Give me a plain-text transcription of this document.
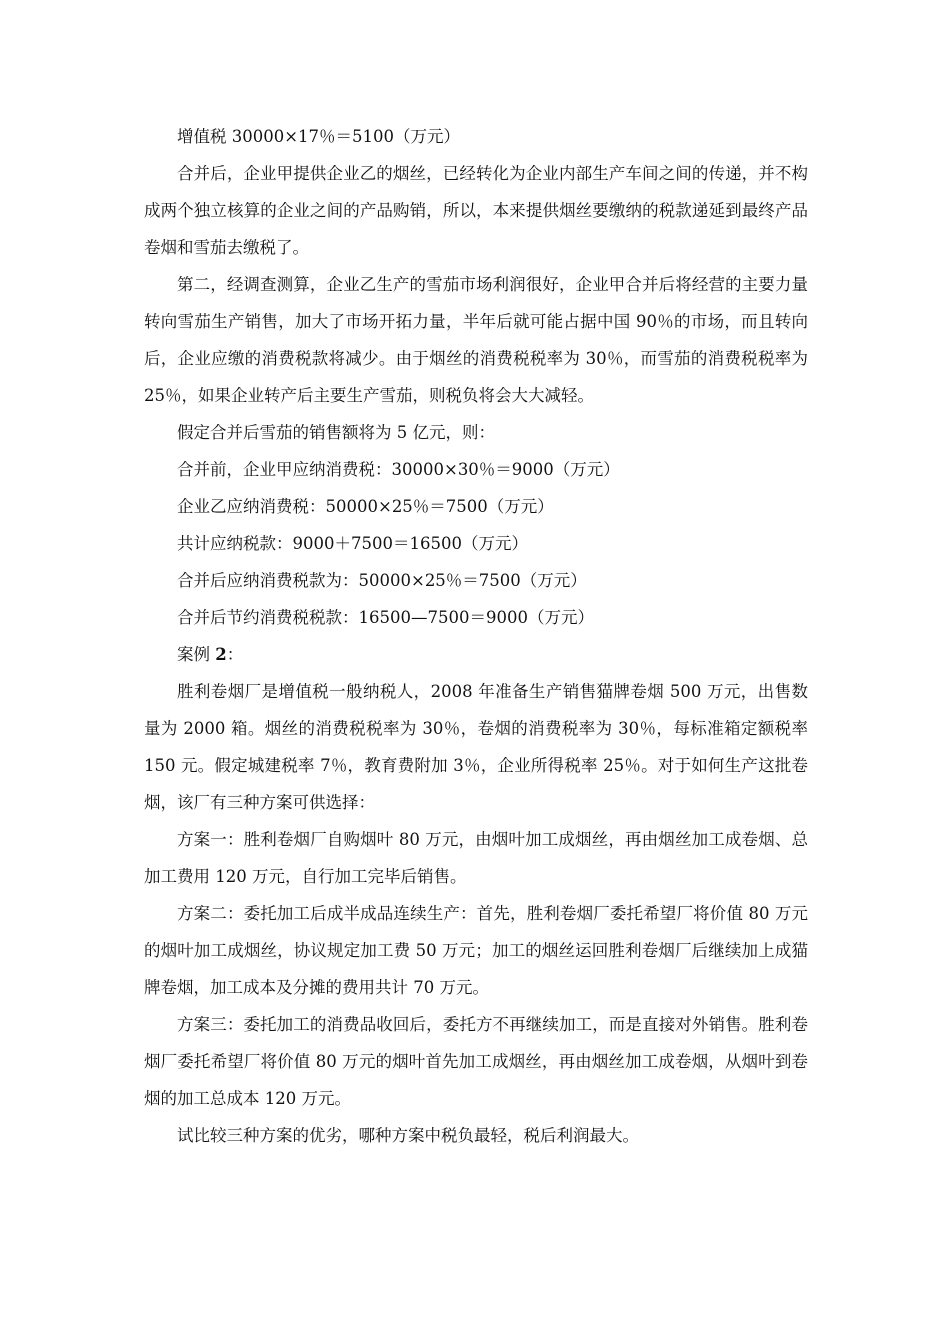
增值税 30000×17％＝5100（万元）

合并后，企业甲提供企业乙的烟丝，已经转化为企业内部生产车间之间的传递，并不构成两个独立核算的企业之间的产品购销，所以，本来提供烟丝要缴纳的税款递延到最终产品卷烟和雪茄去缴税了。

第二，经调查测算，企业乙生产的雪茄市场利润很好，企业甲合并后将经营的主要力量转向雪茄生产销售，加大了市场开拓力量，半年后就可能占据中国 90％的市场，而且转向后，企业应缴的消费税款将减少。由于烟丝的消费税税率为 30％，而雪茄的消费税税率为25％，如果企业转产后主要生产雪茄，则税负将会大大减轻。

假定合并后雪茄的销售额将为 5 亿元，则：

合并前，企业甲应纳消费税：30000×30％＝9000（万元）

企业乙应纳消费税：50000×25％＝7500（万元）

共计应纳税款：9000＋7500＝16500（万元）

合并后应纳消费税款为：50000×25％＝7500（万元）

合并后节约消费税税款：16500—7500＝9000（万元）

案例 2：

胜利卷烟厂是增值税一般纳税人，2008 年准备生产销售猫牌卷烟 500 万元，出售数量为 2000 箱。烟丝的消费税税率为 30％，卷烟的消费税率为 30％，每标准箱定额税率 150 元。假定城建税率 7％，教育费附加 3％，企业所得税率 25％。对于如何生产这批卷烟，该厂有三种方案可供选择：

方案一：胜利卷烟厂自购烟叶 80 万元，由烟叶加工成烟丝，再由烟丝加工成卷烟、总加工费用 120 万元，自行加工完毕后销售。

方案二：委托加工后成半成品连续生产：首先，胜利卷烟厂委托希望厂将价值 80 万元的烟叶加工成烟丝，协议规定加工费 50 万元；加工的烟丝运回胜利卷烟厂后继续加上成猫牌卷烟，加工成本及分摊的费用共计 70 万元。

方案三：委托加工的消费品收回后，委托方不再继续加工，而是直接对外销售。胜利卷烟厂委托希望厂将价值 80 万元的烟叶首先加工成烟丝，再由烟丝加工成卷烟，从烟叶到卷烟的加工总成本 120 万元。

试比较三种方案的优劣，哪种方案中税负最轻，税后利润最大。
